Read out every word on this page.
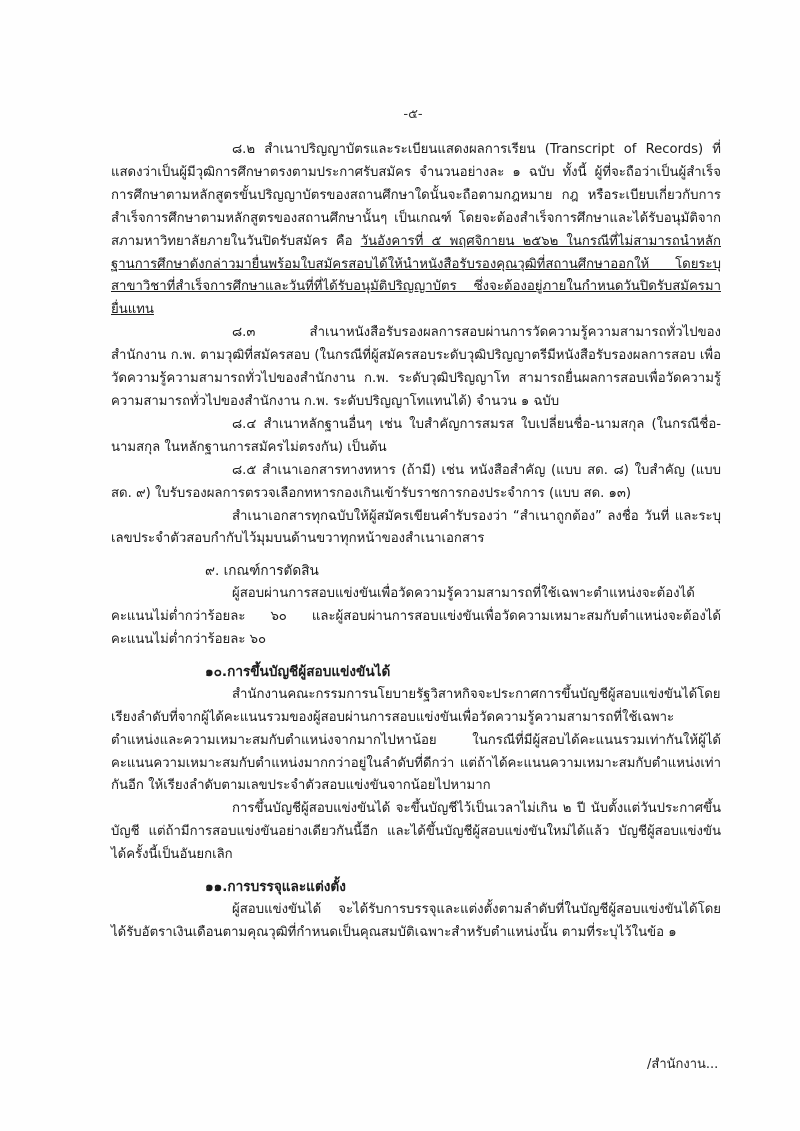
-๕-

๘.๒ สำเนาปริญญาบัตรและระเบียนแสดงผลการเรียน (Transcript of Records) ที่แสดงว่าเป็นผู้มีวุฒิการศึกษาตรงตามประกาศรับสมัคร จำนวนอย่างละ ๑ ฉบับ ทั้งนี้ ผู้ที่จะถือว่าเป็นผู้สำเร็จการศึกษาตามหลักสูตรขั้นปริญญาบัตรของสถานศึกษาใดนั้นจะถือตามกฎหมาย กฎ หรือระเบียบเกี่ยวกับการสำเร็จการศึกษาตามหลักสูตรของสถานศึกษานั้นๆ เป็นเกณฑ์ โดยจะต้องสำเร็จการศึกษาและได้รับอนุมัติจากสภามหาวิทยาลัยภายในวันปิดรับสมัคร คือ วันอังคารที่ ๕ พฤศจิกายน ๒๕๖๒ ในกรณีที่ไม่สามารถนำหลักฐานการศึกษาดังกล่าวมายื่นพร้อมใบสมัครสอบได้ให้นำหนังสือรับรองคุณวุฒิที่สถานศึกษาออกให้ โดยระบุสาขาวิชาที่สำเร็จการศึกษาและวันที่ที่ได้รับอนุมัติปริญญาบัตร ซึ่งจะต้องอยู่ภายในกำหนดวันปิดรับสมัครมายื่นแทน

๘.๓ สำเนาหนังสือรับรองผลการสอบผ่านการวัดความรู้ความสามารถทั่วไปของสำนักงาน ก.พ. ตามวุฒิที่สมัครสอบ (ในกรณีที่ผู้สมัครสอบระดับวุฒิปริญญาตรีมีหนังสือรับรองผลการสอบ เพื่อวัดความรู้ความสามารถทั่วไปของสำนักงาน ก.พ. ระดับวุฒิปริญญาโท สามารถยื่นผลการสอบเพื่อวัดความรู้ความสามารถทั่วไปของสำนักงาน ก.พ. ระดับปริญญาโทแทนได้) จำนวน ๑ ฉบับ

๘.๔ สำเนาหลักฐานอื่นๆ เช่น ใบสำคัญการสมรส ใบเปลี่ยนชื่อ-นามสกุล (ในกรณีชื่อ-นามสกุล ในหลักฐานการสมัครไม่ตรงกัน) เป็นต้น

๘.๕ สำเนาเอกสารทางทหาร (ถ้ามี) เช่น หนังสือสำคัญ (แบบ สด. ๘) ใบสำคัญ (แบบ สด. ๙) ใบรับรองผลการตรวจเลือกทหารกองเกินเข้ารับราชการกองประจำการ (แบบ สด. ๑๓)

สำเนาเอกสารทุกฉบับให้ผู้สมัครเขียนคำรับรองว่า “สำเนาถูกต้อง” ลงชื่อ วันที่ และระบุเลขประจำตัวสอบกำกับไว้มุมบนด้านขวาทุกหน้าของสำเนาเอกสาร

๙. เกณฑ์การตัดสิน

ผู้สอบผ่านการสอบแข่งขันเพื่อวัดความรู้ความสามารถที่ใช้เฉพาะตำแหน่งจะต้องได้คะแนนไม่ต่ำกว่าร้อยละ ๖๐ และผู้สอบผ่านการสอบแข่งขันเพื่อวัดความเหมาะสมกับตำแหน่งจะต้องได้คะแนนไม่ต่ำกว่าร้อยละ ๖๐

๑๐.การขึ้นบัญชีผู้สอบแข่งขันได้

สำนักงานคณะกรรมการนโยบายรัฐวิสาหกิจจะประกาศการขึ้นบัญชีผู้สอบแข่งขันได้โดยเรียงลำดับที่จากผู้ได้คะแนนรวมของผู้สอบผ่านการสอบแข่งขันเพื่อวัดความรู้ความสามารถที่ใช้เฉพาะตำแหน่งและความเหมาะสมกับตำแหน่งจากมากไปหาน้อย ในกรณีที่มีผู้สอบได้คะแนนรวมเท่ากันให้ผู้ได้คะแนนความเหมาะสมกับตำแหน่งมากกว่าอยู่ในลำดับที่ดีกว่า แต่ถ้าได้คะแนนความเหมาะสมกับตำแหน่งเท่ากันอีก ให้เรียงลำดับตามเลขประจำตัวสอบแข่งขันจากน้อยไปหามาก

การขึ้นบัญชีผู้สอบแข่งขันได้ จะขึ้นบัญชีไว้เป็นเวลาไม่เกิน ๒ ปี นับตั้งแต่วันประกาศขึ้นบัญชี แต่ถ้ามีการสอบแข่งขันอย่างเดียวกันนี้อีก และได้ขึ้นบัญชีผู้สอบแข่งขันใหม่ได้แล้ว บัญชีผู้สอบแข่งขันได้ครั้งนี้เป็นอันยกเลิก

๑๑.การบรรจุและแต่งตั้ง

ผู้สอบแข่งขันได้ จะได้รับการบรรจุและแต่งตั้งตามลำดับที่ในบัญชีผู้สอบแข่งขันได้โดยได้รับอัตราเงินเดือนตามคุณวุฒิที่กำหนดเป็นคุณสมบัติเฉพาะสำหรับตำแหน่งนั้น ตามที่ระบุไว้ในข้อ ๑

/สำนักงาน...
